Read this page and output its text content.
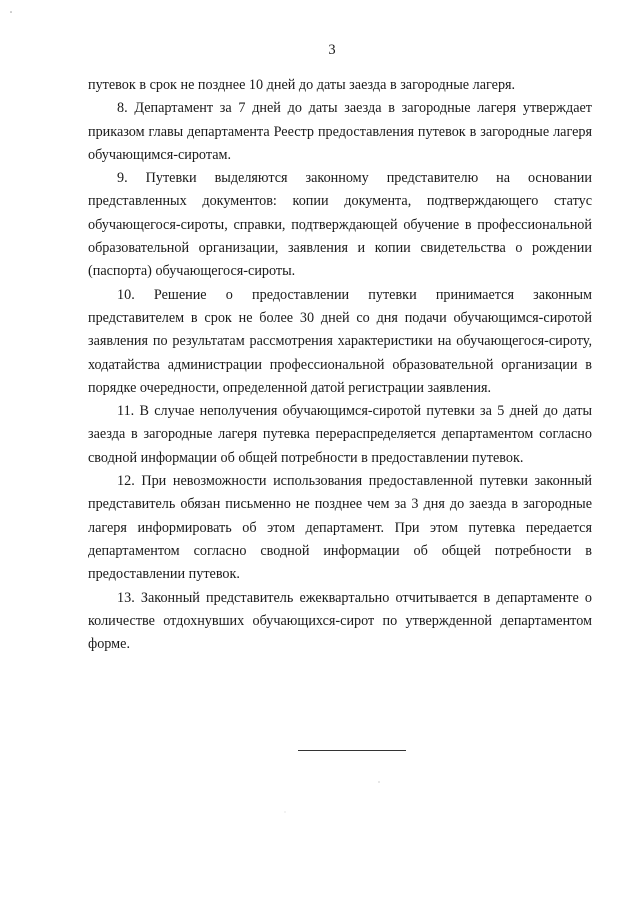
3

путевок в срок не позднее 10 дней до даты заезда в загородные лагеря.

8. Департамент за 7 дней до даты заезда в загородные лагеря утверждает приказом главы департамента Реестр предоставления путевок в загородные лагеря обучающимся-сиротам.

9. Путевки выделяются законному представителю на основании представленных документов: копии документа, подтверждающего статус обучающегося-сироты, справки, подтверждающей обучение в профессиональной образовательной организации, заявления и копии свидетельства о рождении (паспорта) обучающегося-сироты.

10. Решение о предоставлении путевки принимается законным представителем в срок не более 30 дней со дня подачи обучающимся-сиротой заявления по результатам рассмотрения характеристики на обучающегося-сироту, ходатайства администрации профессиональной образовательной организации в порядке очередности, определенной датой регистрации заявления.

11. В случае неполучения обучающимся-сиротой путевки за 5 дней до даты заезда в загородные лагеря путевка перераспределяется департаментом согласно сводной информации об общей потребности в предоставлении путевок.

12. При невозможности использования предоставленной путевки законный представитель обязан письменно не позднее чем за 3 дня до заезда в загородные лагеря информировать об этом департамент. При этом путевка передается департаментом согласно сводной информации об общей потребности в предоставлении путевок.

13. Законный представитель ежеквартально отчитывается в департаменте о количестве отдохнувших обучающихся-сирот по утвержденной департаментом форме.
